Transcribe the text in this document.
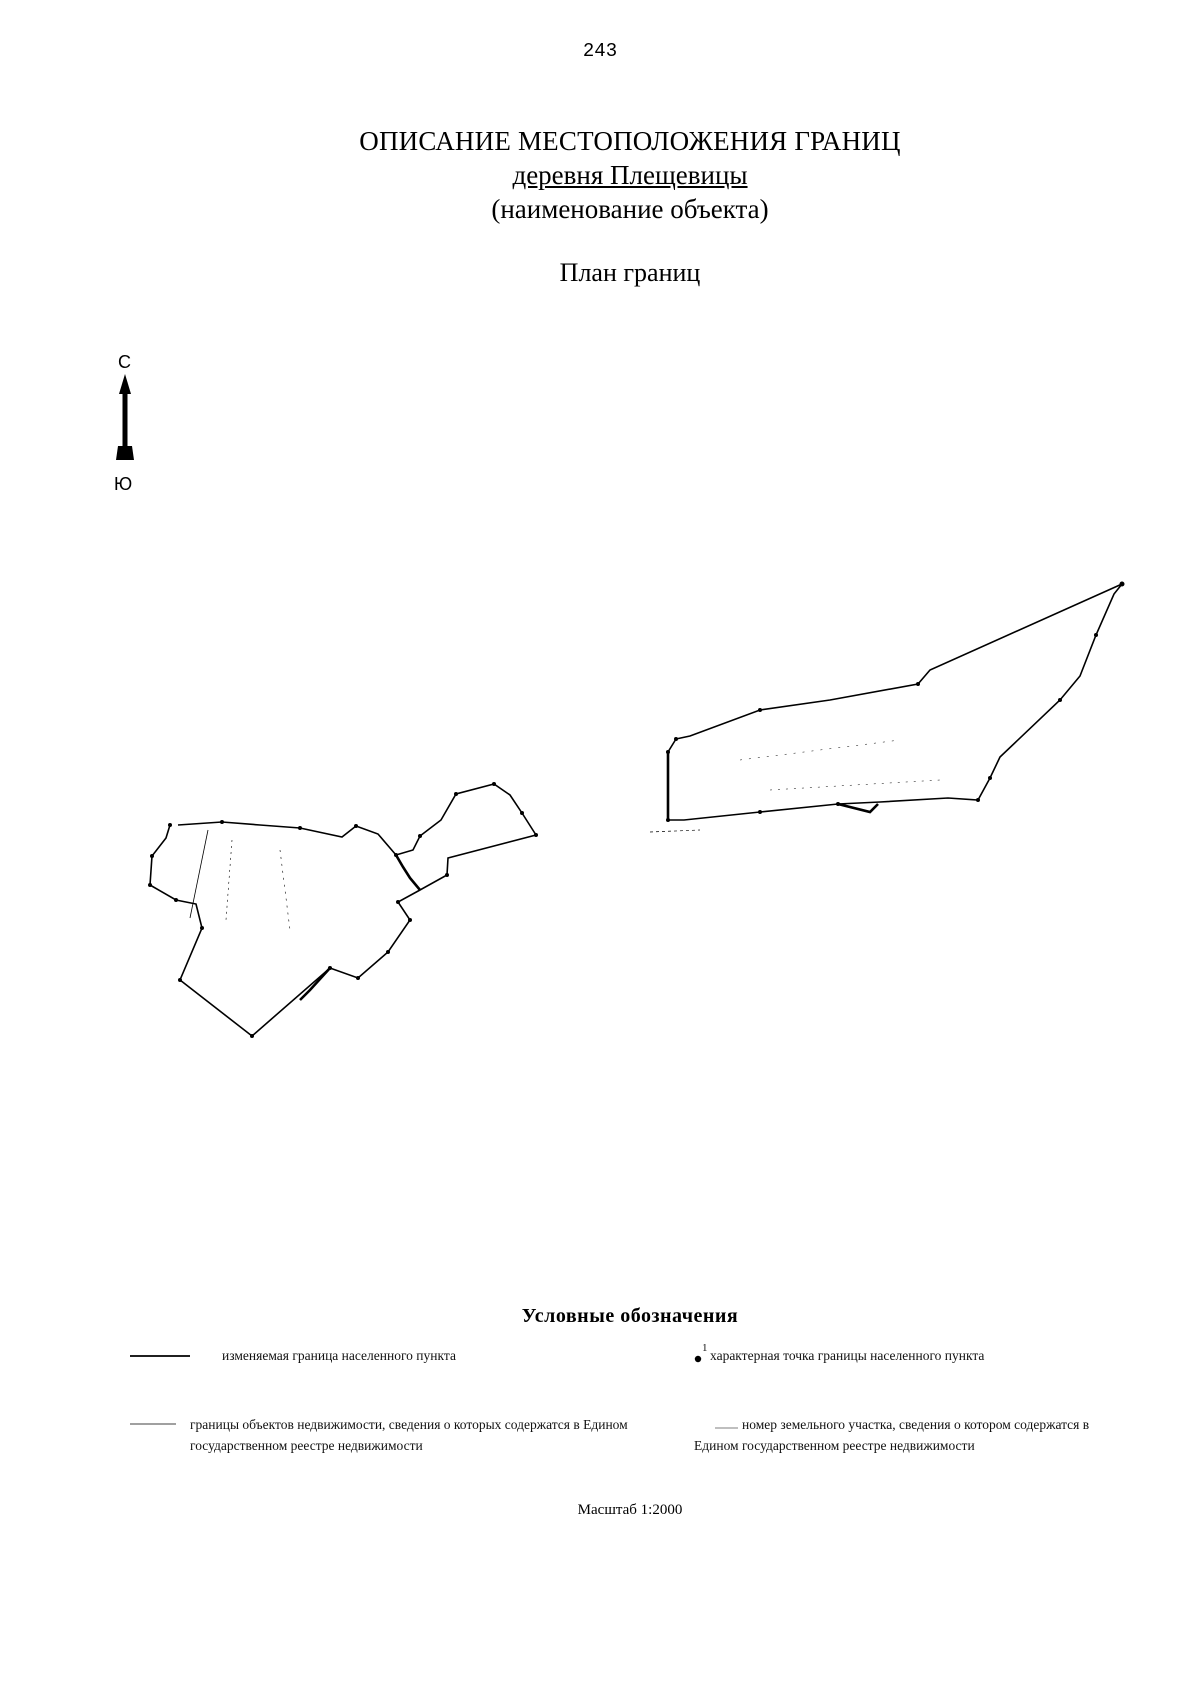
243
ОПИСАНИЕ МЕСТОПОЛОЖЕНИЯ ГРАНИЦ
деревня Плещевицы
(наименование объекта)
План границ
С
Ю
Условные обозначения
изменяемая граница населенного пункта	1 характерная точка границы населенного пункта
границы объектов недвижимости, сведения о которых содержатся в Едином государственном реестре недвижимости
номер земельного участка, сведения о котором содержатся в Едином государственном реестре недвижимости
Масштаб 1:2000
